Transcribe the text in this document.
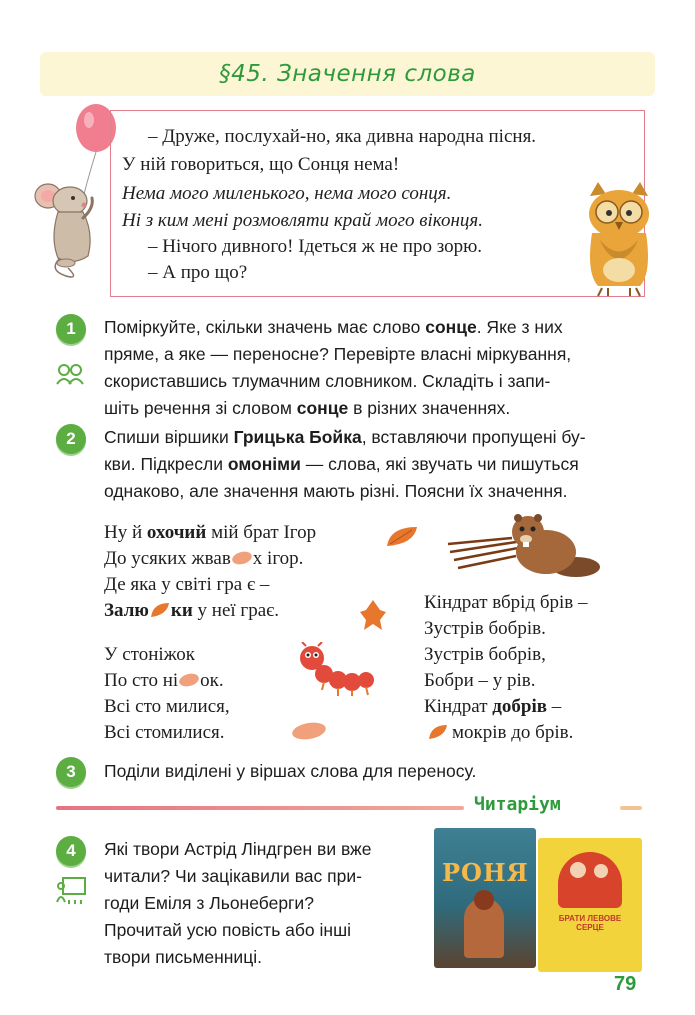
§45. Значення слова
– Друже, послухай-но, яка дивна народна пісня.
У ній говориться, що Сонця нема!
Нема мого миленького, нема мого сонця.
Ні з ким мені розмовляти край мого віконця.
– Нічого дивного! Ідеться ж не про зорю.
– А про що?
1	Поміркуйте, скільки значень має слово сонце. Яке з них
пряме, а яке — переносне? Перевірте власні міркування,
скориставшись тлумачним словником. Складіть і запи-
шіть речення зі словом сонце в різних значеннях.
2	Спиши віршики Грицька Бойка, вставляючи пропущені бу-
кви. Підкресли омоніми — слова, які звучать чи пишуться
однаково, але значення мають різні. Поясни їх значення.
Ну й охочий мій брат Ігор
До усяких жвав х ігор.
Де яка у світі гра є –
Залю ки у неї грає.	Кіндрат вбрід брів –
Зустрів бобрів.
Зустрів бобрів,
Бобри – у рів.
Кіндрат добрів –
мокрів до брів.
У стоніжок
По сто ні ок.
Всі сто милися,
Всі стомилися.
3	Поділи виділені у віршах слова для переносу.
Читаріум
4	Які твори Астрід Ліндгрен ви вже
читали? Чи зацікавили вас при-
годи Еміля з Льонеберги?
Прочитай усю повість або інші
твори письменниці.
РОНЯ
БРАТИ ЛЕВОВЕ СЕРЦЕ
79
